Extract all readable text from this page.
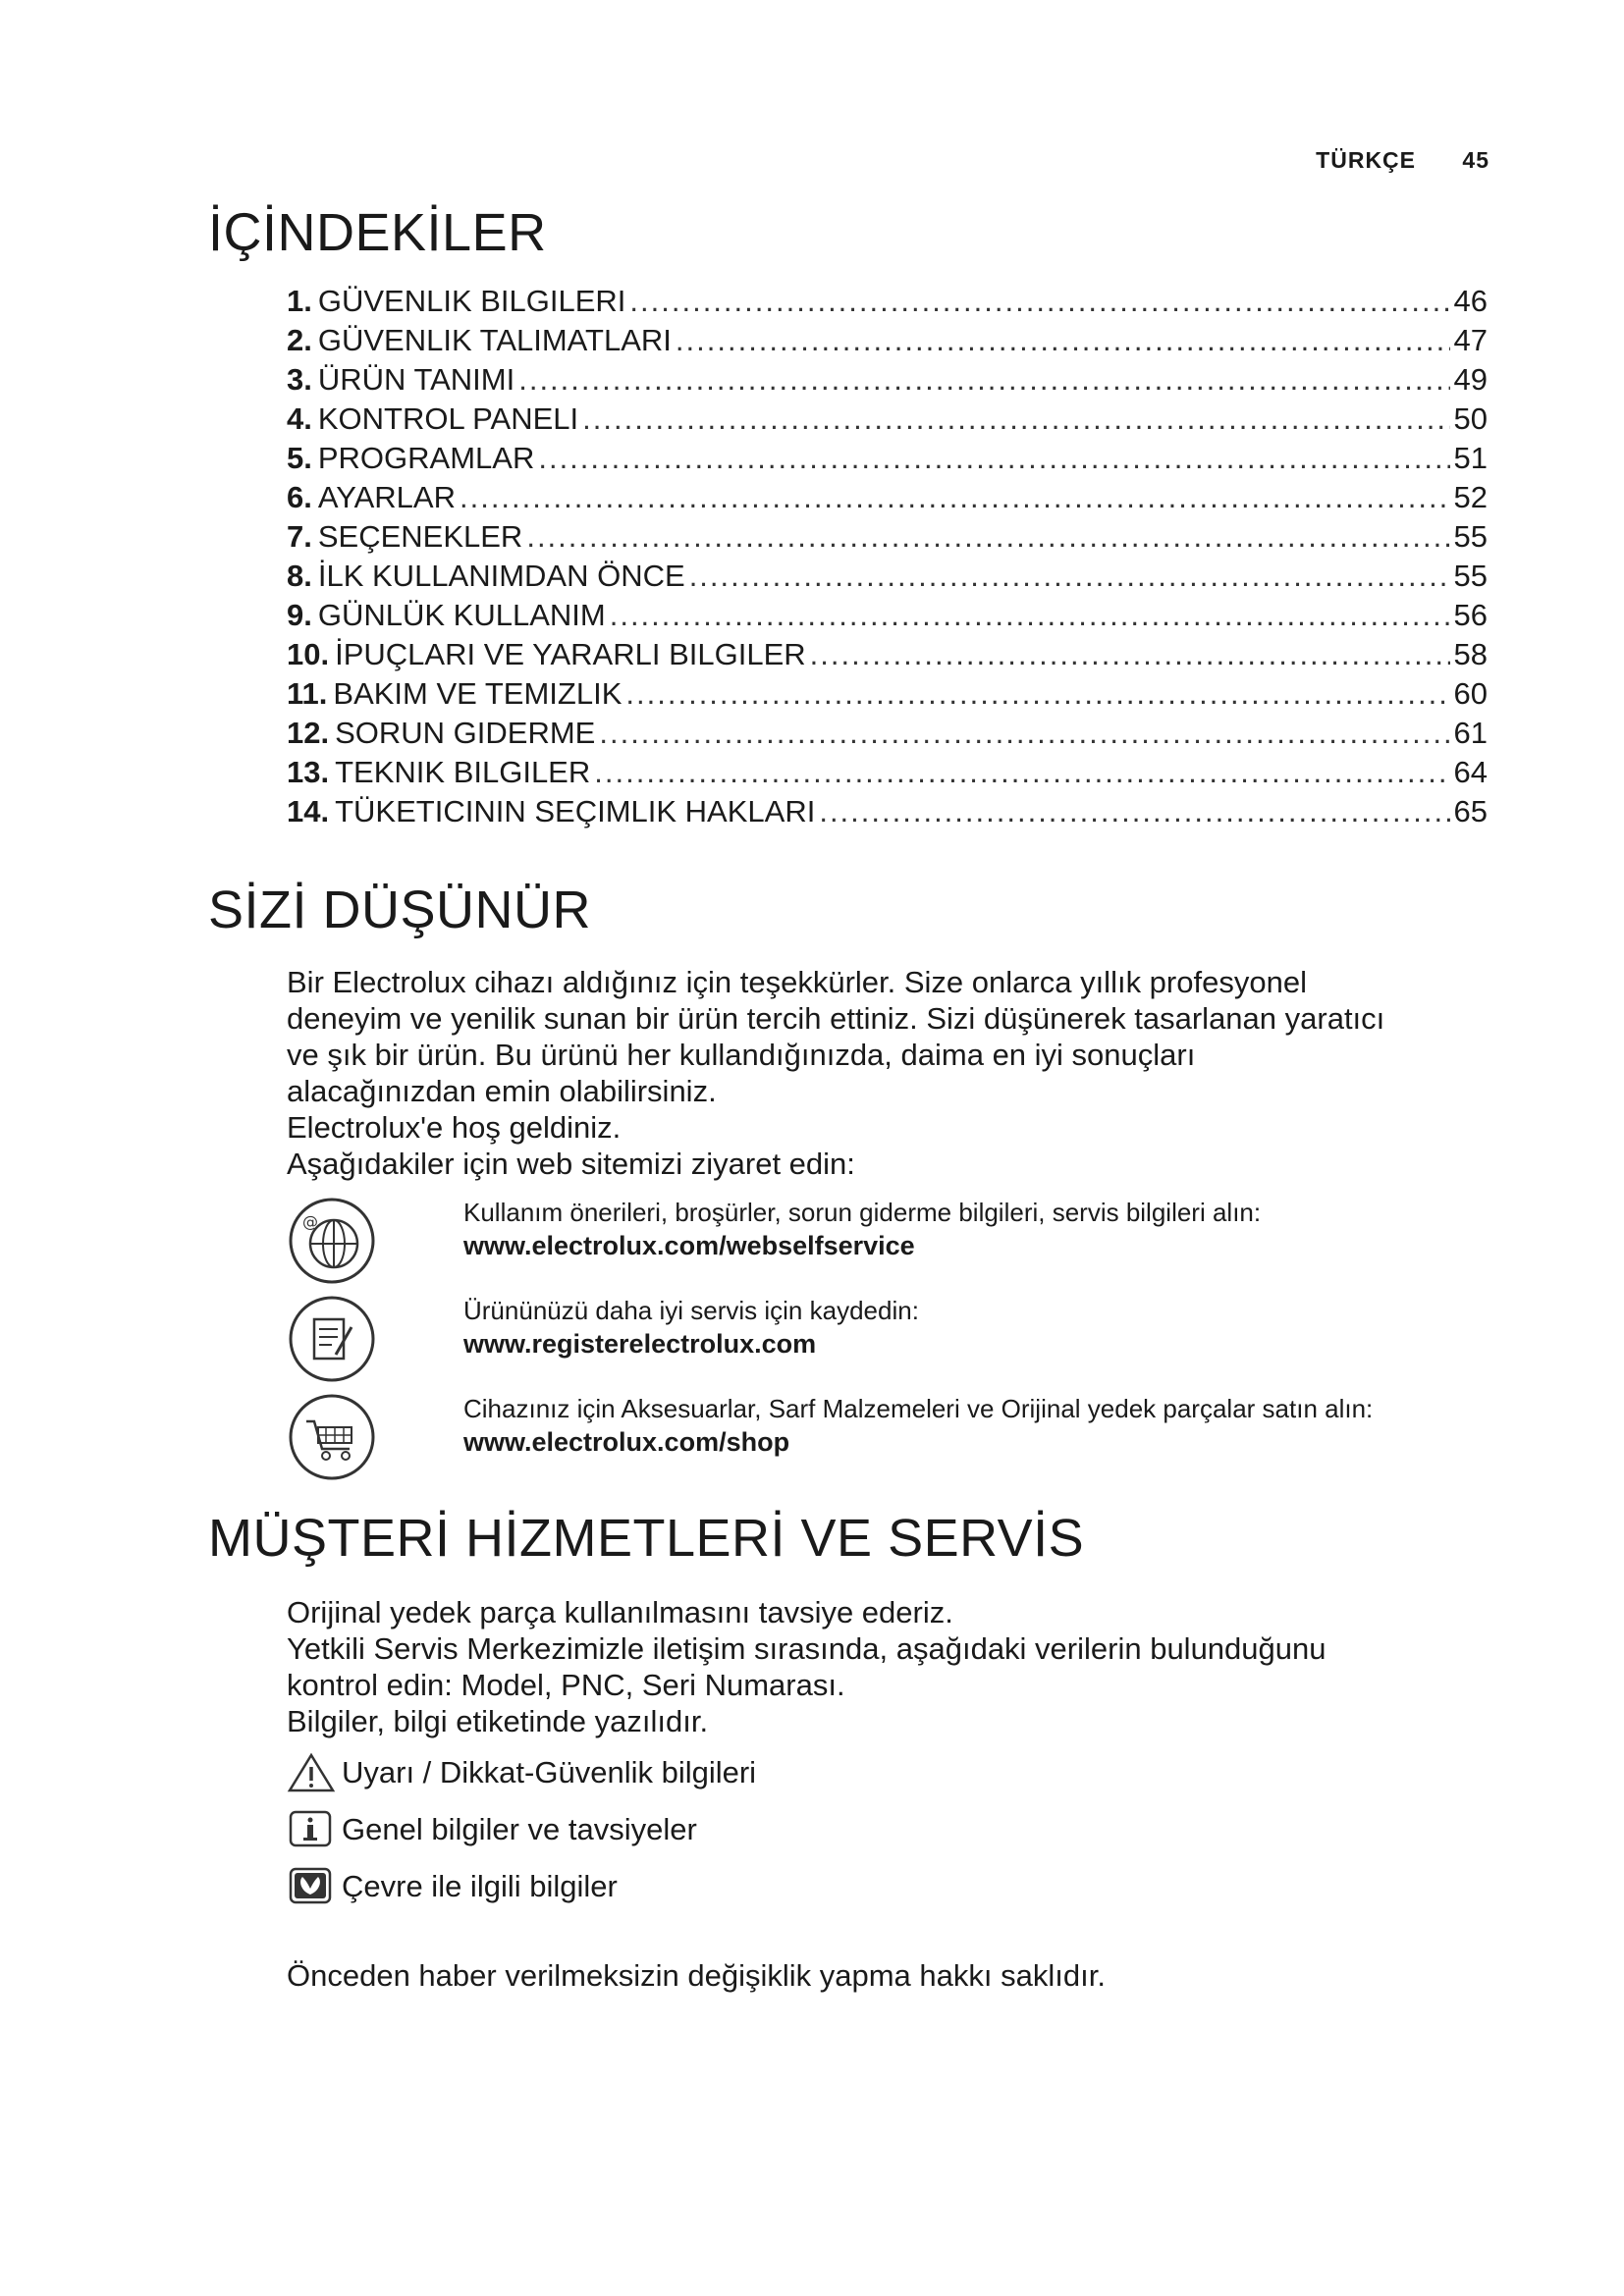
TÜRKÇE 45
İÇİNDEKİLER
1. GÜVENLIK BILGILERI .....	46
2. GÜVENLIK TALIMATLARI .....	47
3. ÜRÜN TANIMI .....	49
4. KONTROL PANELI .....	50
5. PROGRAMLAR .....	51
6. AYARLAR .....	52
7. SEÇENEKLER .....	55
8. İLK KULLANIMDAN ÖNCE .....	55
9. GÜNLÜK KULLANIM .....	56
10. İPUÇLARI VE YARARLI BILGILER .....	58
11. BAKIM VE TEMIZLIK .....	60
12. SORUN GIDERME .....	61
13. TEKNIK BILGILER .....	64
14. TÜKETICININ SEÇIMLIK HAKLARI .....	65
SİZİ DÜŞÜNÜR

Bir Electrolux cihazı aldığınız için teşekkürler. Size onlarca yıllık profesyonel

deneyim ve yenilik sunan bir ürün tercih ettiniz. Sizi düşünerek tasarlanan yaratıcı

ve şık bir ürün. Bu ürünü her kullandığınızda, daima en iyi sonuçları

alacağınızdan emin olabilirsiniz.

Electrolux'e hoş geldiniz.

Aşağıdakiler için web sitemizi ziyaret edin:

@	Kullanım önerileri, broşürler, sorun giderme bilgileri, servis bilgileri alın:
www.electrolux.com/webselfservice
Ürününüzü daha iyi servis için kaydedin:
www.registerelectrolux.com
Cihazınız için Aksesuarlar, Sarf Malzemeleri ve Orijinal yedek parçalar satın alın:
www.electrolux.com/shop
MÜŞTERİ HİZMETLERİ VE SERVİS

Orijinal yedek parça kullanılmasını tavsiye ederiz.

Yetkili Servis Merkezimizle iletişim sırasında, aşağıdaki verilerin bulunduğunu

kontrol edin: Model, PNC, Seri Numarası.

Bilgiler, bilgi etiketinde yazılıdır.

Uyarı / Dikkat-Güvenlik bilgileri
Genel bilgiler ve tavsiyeler
Çevre ile ilgili bilgiler
Önceden haber verilmeksizin değişiklik yapma hakkı saklıdır.
